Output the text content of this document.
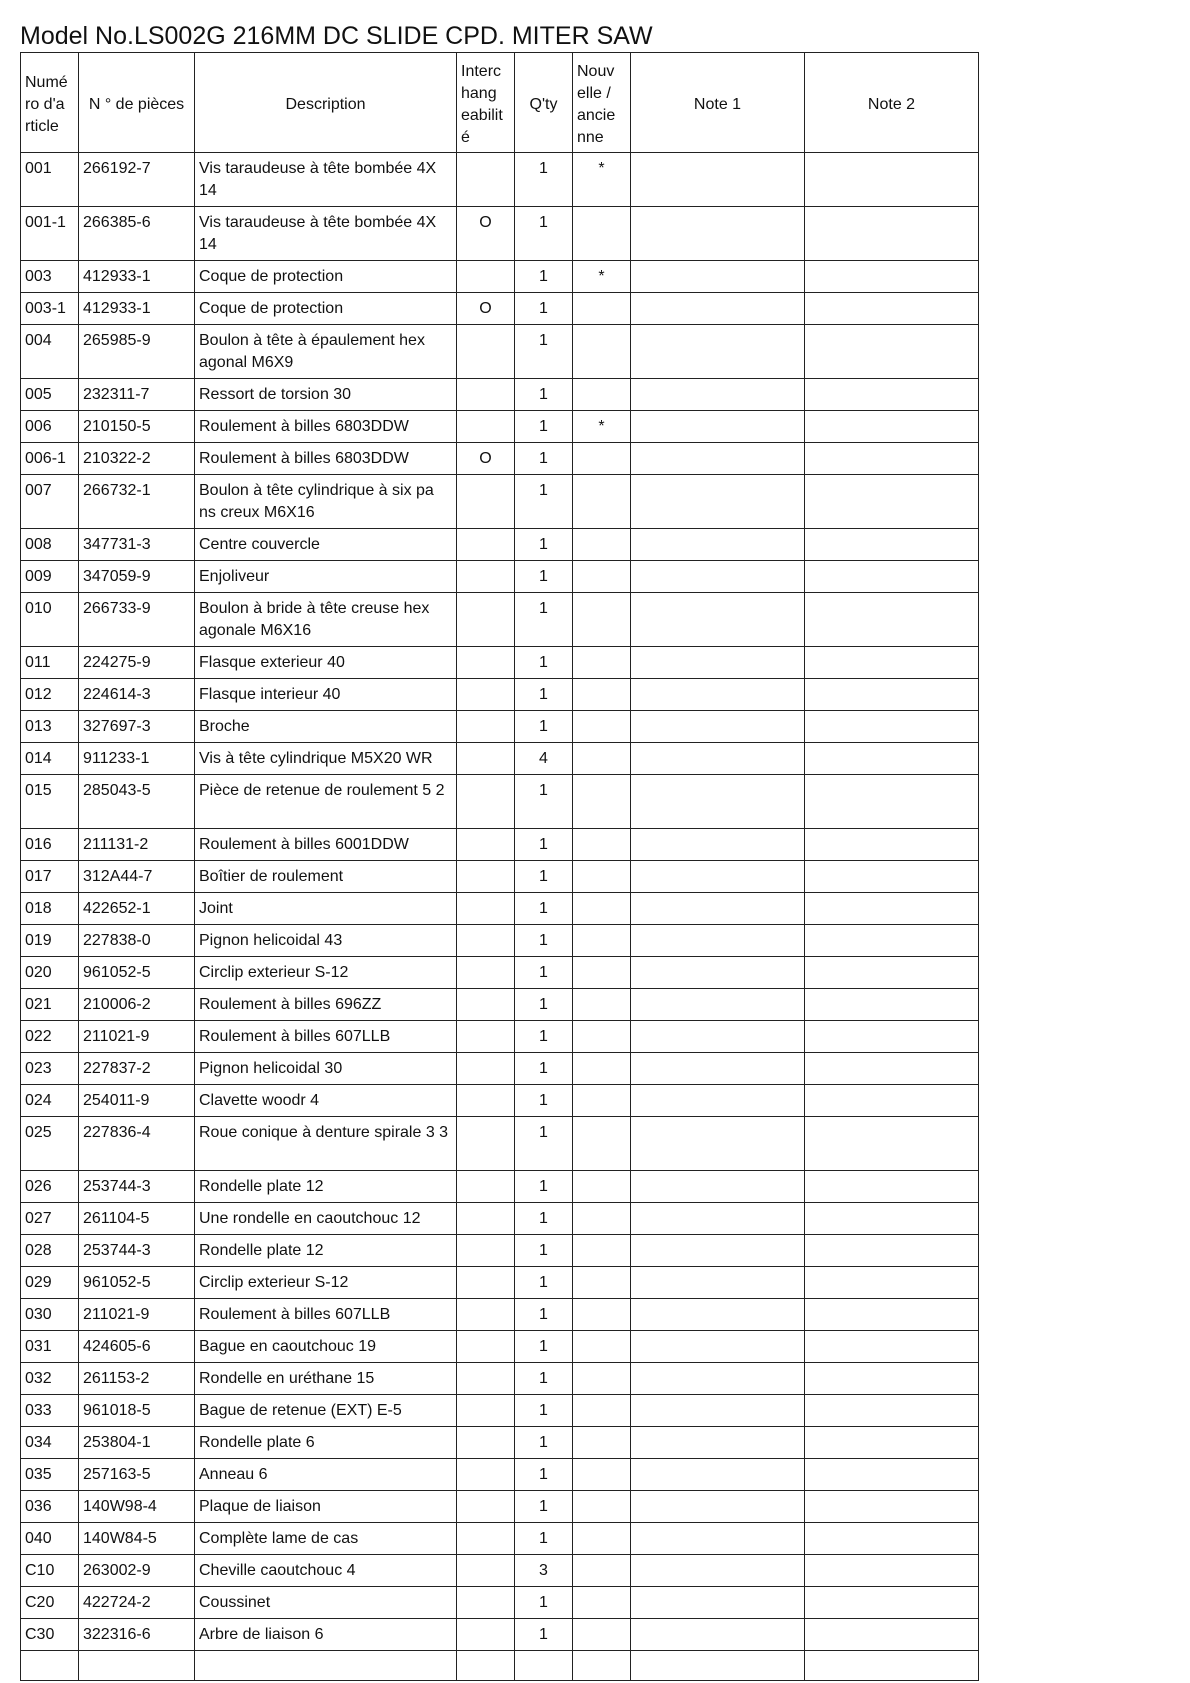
Model No.LS002G 216MM DC SLIDE CPD. MITER SAW
Numé ro d'a rticle	N ° de pièces	Description	Interc hang eabilit é	Q'ty	Nouv elle / ancie nne	Note 1	Note 2
001	266192-7	Vis taraudeuse à tête bombée 4X 14		1	*		
001-1	266385-6	Vis taraudeuse à tête bombée 4X 14	O	1			
003	412933-1	Coque de protection		1	*		
003-1	412933-1	Coque de protection	O	1			
004	265985-9	Boulon à tête à épaulement hex agonal M6X9		1			
005	232311-7	Ressort de torsion 30		1			
006	210150-5	Roulement à billes 6803DDW		1	*		
006-1	210322-2	Roulement à billes 6803DDW	O	1			
007	266732-1	Boulon à tête cylindrique à six pa ns creux M6X16		1			
008	347731-3	Centre couvercle		1			
009	347059-9	Enjoliveur		1			
010	266733-9	Boulon à bride à tête creuse hex agonale M6X16		1			
011	224275-9	Flasque exterieur 40		1			
012	224614-3	Flasque interieur 40		1			
013	327697-3	Broche		1			
014	911233-1	Vis à tête cylindrique M5X20 WR		4			
015	285043-5	Pièce de retenue de roulement 5 2		1			
016	211131-2	Roulement à billes 6001DDW		1			
017	312A44-7	Boîtier de roulement		1			
018	422652-1	Joint		1			
019	227838-0	Pignon helicoidal 43		1			
020	961052-5	Circlip exterieur S-12		1			
021	210006-2	Roulement à billes 696ZZ		1			
022	211021-9	Roulement à billes 607LLB		1			
023	227837-2	Pignon helicoidal 30		1			
024	254011-9	Clavette woodr 4		1			
025	227836-4	Roue conique à denture spirale 3 3		1			
026	253744-3	Rondelle plate 12		1			
027	261104-5	Une rondelle en caoutchouc 12		1			
028	253744-3	Rondelle plate 12		1			
029	961052-5	Circlip exterieur S-12		1			
030	211021-9	Roulement à billes 607LLB		1			
031	424605-6	Bague en caoutchouc 19		1			
032	261153-2	Rondelle en uréthane 15		1			
033	961018-5	Bague de retenue (EXT) E-5		1			
034	253804-1	Rondelle plate 6		1			
035	257163-5	Anneau 6		1			
036	140W98-4	Plaque de liaison		1			
040	140W84-5	Complète lame de cas		1			
C10	263002-9	Cheville caoutchouc 4		3			
C20	422724-2	Coussinet		1			
C30	322316-6	Arbre de liaison 6		1			
